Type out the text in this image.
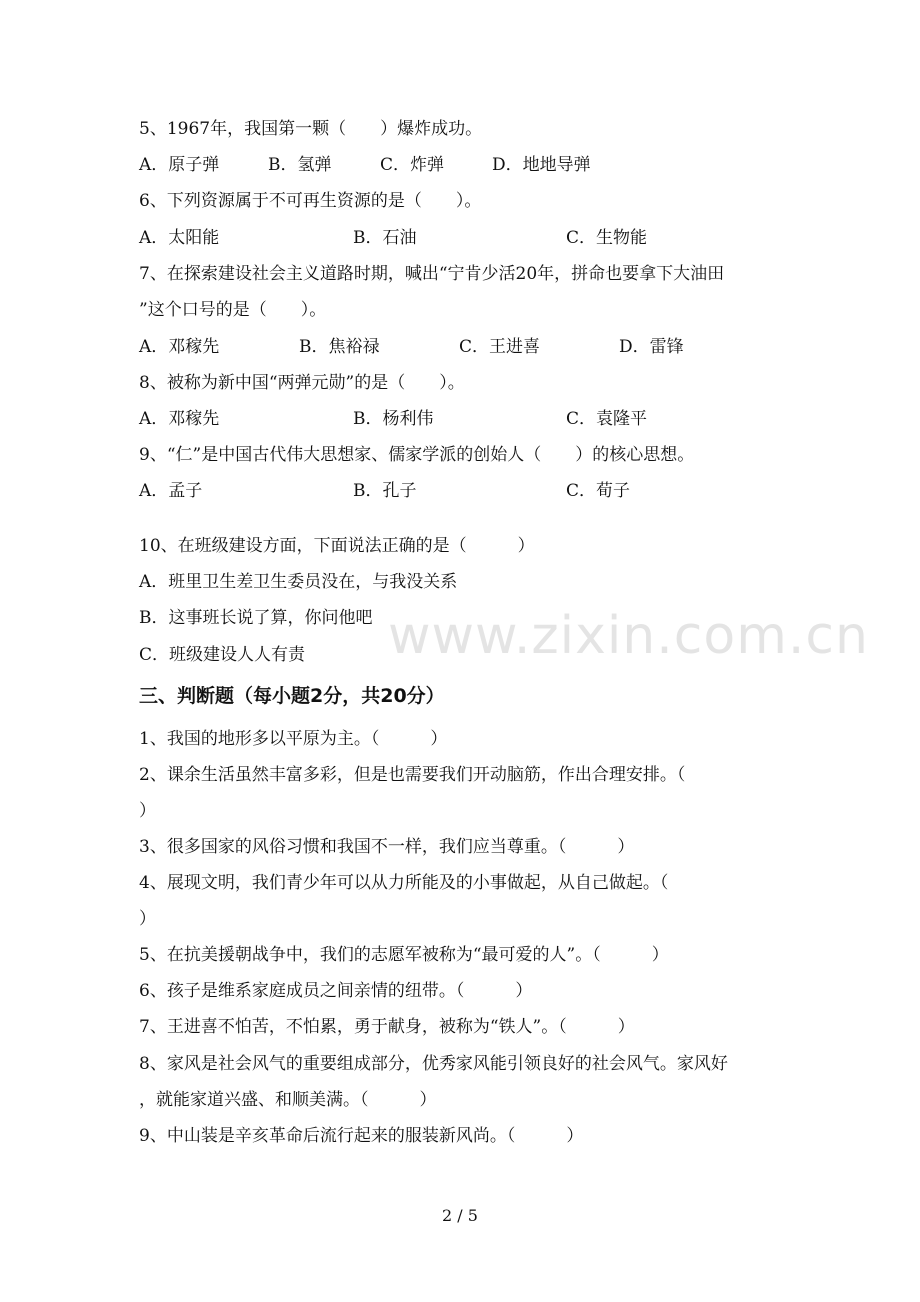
5、1967年，我国第一颗（　　）爆炸成功。
A．原子弹	B．氢弹	C．炸弹	D．地地导弹
6、下列资源属于不可再生资源的是（　　）。
A．太阳能	B．石油	C．生物能
7、在探索建设社会主义道路时期，喊出“宁肯少活20年，拼命也要拿下大油田
”这个口号的是（　　）。
A．邓稼先	B．焦裕禄	C．王进喜	D．雷锋
8、被称为新中国“两弹元勋”的是（　　）。
A．邓稼先	B．杨利伟	C．袁隆平
9、“仁”是中国古代伟大思想家、儒家学派的创始人（　　）的核心思想。
A．孟子	B．孔子	C．荀子
www.zixin.com.cn
10、在班级建设方面，下面说法正确的是（　　　）
A．班里卫生差卫生委员没在，与我没关系
B．这事班长说了算，你问他吧
C．班级建设人人有责
三、判断题（每小题2分，共20分）
1、我国的地形多以平原为主。（　　　）
2、课余生活虽然丰富多彩，但是也需要我们开动脑筋，作出合理安排。（
）
3、很多国家的风俗习惯和我国不一样，我们应当尊重。（　　　）
4、展现文明，我们青少年可以从力所能及的小事做起，从自己做起。（
）
5、在抗美援朝战争中，我们的志愿军被称为“最可爱的人”。（　　　）
6、孩子是维系家庭成员之间亲情的纽带。（　　　）
7、王进喜不怕苦，不怕累，勇于献身，被称为“铁人”。（　　　）
8、家风是社会风气的重要组成部分，优秀家风能引领良好的社会风气。家风好
，就能家道兴盛、和顺美满。（　　　）
9、中山装是辛亥革命后流行起来的服装新风尚。（　　　）
2 / 5
